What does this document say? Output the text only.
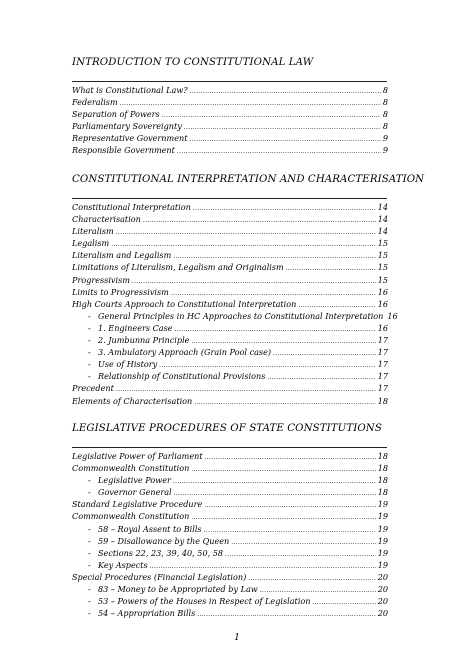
INTRODUCTION TO CONSTITUTIONAL LAW
What is Constitutional Law? .....	8
Federalism .....	8
Separation of Powers .....	8
Parliamentary Sovereignty .....	8
Representative Government .....	9
Responsible Government .....	9
CONSTITUTIONAL INTERPRETATION AND CHARACTERISATION
Constitutional Interpretation .....	14
Characterisation .....	14
Literalism .....	14
Legalism .....	15
Literalism and Legalism .....	15
Limitations of Literalism, Legalism and Originalism .....	15
Progressivism .....	15
Limits to Progressivism .....	16
High Courts Approach to Constitutional Interpretation .....	16
- General Principles in HC Approaches to Constitutional Interpretation 16
- 1. Engineers Case .....	16
- 2. Jumbunna Principle .....	17
- 3. Ambulatory Approach (Grain Pool case) .....	17
- Use of History .....	17
- Relationship of Constitutional Provisions .....	17
Precedent .....	17
Elements of Characterisation .....	18
LEGISLATIVE PROCEDURES OF STATE CONSTITUTIONS
Legislative Power of Parliament .....	18
Commonwealth Constitution .....	18
- Legislative Power .....	18
- Governor General .....	18
Standard Legislative Procedure .....	19
Commonwealth Constitution .....	19
- 58 – Royal Assent to Bills .....	19
- 59 – Disallowance by the Queen .....	19
- Sections 22, 23, 39, 40, 50, 58 .....	19
- Key Aspects .....	19
Special Procedures (Financial Legislation) .....	20
- 83 – Money to be Appropriated by Law .....	20
- 53 – Powers of the Houses in Respect of Legislation .....	20
- 54 – Appropriation Bills .....	20
1
